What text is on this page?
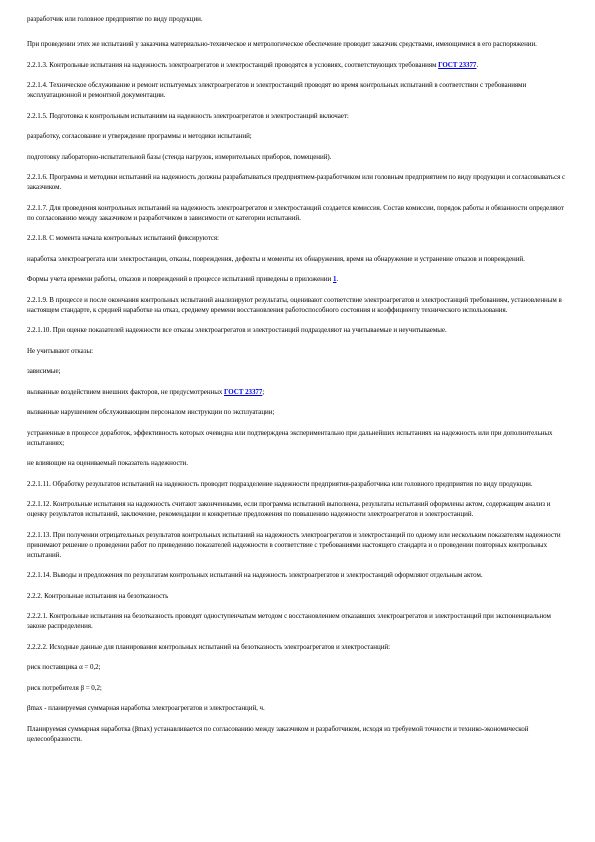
разработчик или головное предприятие по виду продукции.

При проведении этих же испытаний у заказчика материально-техническое и метрологическое обеспечение проводит заказчик средствами, имеющимися в его распоряжении.

2.2.1.3. Контрольные испытания на надежность электроагрегатов и электростанций проводятся в условиях, соответствующих требованиям ГОСТ 23377.

2.2.1.4. Техническое обслуживание и ремонт испытуемых электроагрегатов и электростанций проводят во время контрольных испытаний в соответствии с требованиями эксплуатационной и ремонтной документации.

2.2.1.5. Подготовка к контрольным испытаниям на надежность электроагрегатов и электростанций включает:

разработку, согласование и утверждение программы и методики испытаний;

подготовку лабораторно-испытательной базы (стенда нагрузок, измерительных приборов, помещений).

2.2.1.6. Программа и методики испытаний на надежность должны разрабатываться предприятием-разработчиком или головным предприятием по виду продукции и согласовываться с заказчиком.

2.2.1.7. Для проведения контрольных испытаний на надежность электроагрегатов и электростанций создается комиссия. Состав комиссии, порядок работы и обязанности определяют по согласованию между заказчиком и разработчиком в зависимости от категории испытаний.

2.2.1.8. С момента начала контрольных испытаний фиксируются:

наработка электроагрегата или электростанции, отказы, повреждения, дефекты и моменты их обнаружения, время на обнаружение и устранение отказов и повреждений.

Формы учета времени работы, отказов и повреждений в процессе испытаний приведены в приложении 1.

2.2.1.9. В процессе и после окончания контрольных испытаний анализируют результаты, оценивают соответствие электроагрегатов и электростанций требованиям, установленным в настоящем стандарте, к средней наработке на отказ, среднему времени восстановления работоспособного состояния и коэффициенту технического использования.

2.2.1.10. При оценке показателей надежности все отказы электроагрегатов и электростанций подразделяют на учитываемые и неучитываемые.

Не учитывают отказы:

зависимые;

вызванные воздействием внешних факторов, не предусмотренных ГОСТ 23377;

вызванные нарушением обслуживающим персоналом инструкции по эксплуатации;

устраненные в процессе доработок, эффективность которых очевидна или подтверждена экспериментально при дальнейших испытаниях на надежность или при дополнительных испытаниях;

не влияющие на оцениваемый показатель надежности.

2.2.1.11. Обработку результатов испытаний на надежность проводит подразделение надежности предприятия-разработчика или головного предприятия по виду продукции.

2.2.1.12. Контрольные испытания на надежность считают законченными, если программа испытаний выполнена, результаты испытаний оформлены актом, содержащим анализ и оценку результатов испытаний, заключение, рекомендации и конкретные предложения по повышению надежности электроагрегатов и электростанций.

2.2.1.13. При получении отрицательных результатов контрольных испытаний на надежность электроагрегатов и электростанций по одному или нескольким показателям надежности принимают решение о проведении работ по приведению показателей надежности в соответствие с требованиями настоящего стандарта и о проведении повторных контрольных испытаний.

2.2.1.14. Выводы и предложения по результатам контрольных испытаний на надежность электроагрегатов и электростанций оформляют отдельным актом.

2.2.2. Контрольные испытания на безотказность

2.2.2.1. Контрольные испытания на безотказность проводят одноступенчатым методом с восстановлением отказавших электроагрегатов и электростанций при экспоненциальном законе распределения.

2.2.2.2. Исходные данные для планирования контрольных испытаний на безотказность электроагрегатов и электростанций:

риск поставщика α = 0,2;

риск потребителя β = 0,2;

βmax - планируемая суммарная наработка электроагрегатов и электростанций, ч.

Планируемая суммарная наработка (βmax) устанавливается по согласованию между заказчиком и разработчиком, исходя из требуемой точности и технико-экономической целесообразности.
